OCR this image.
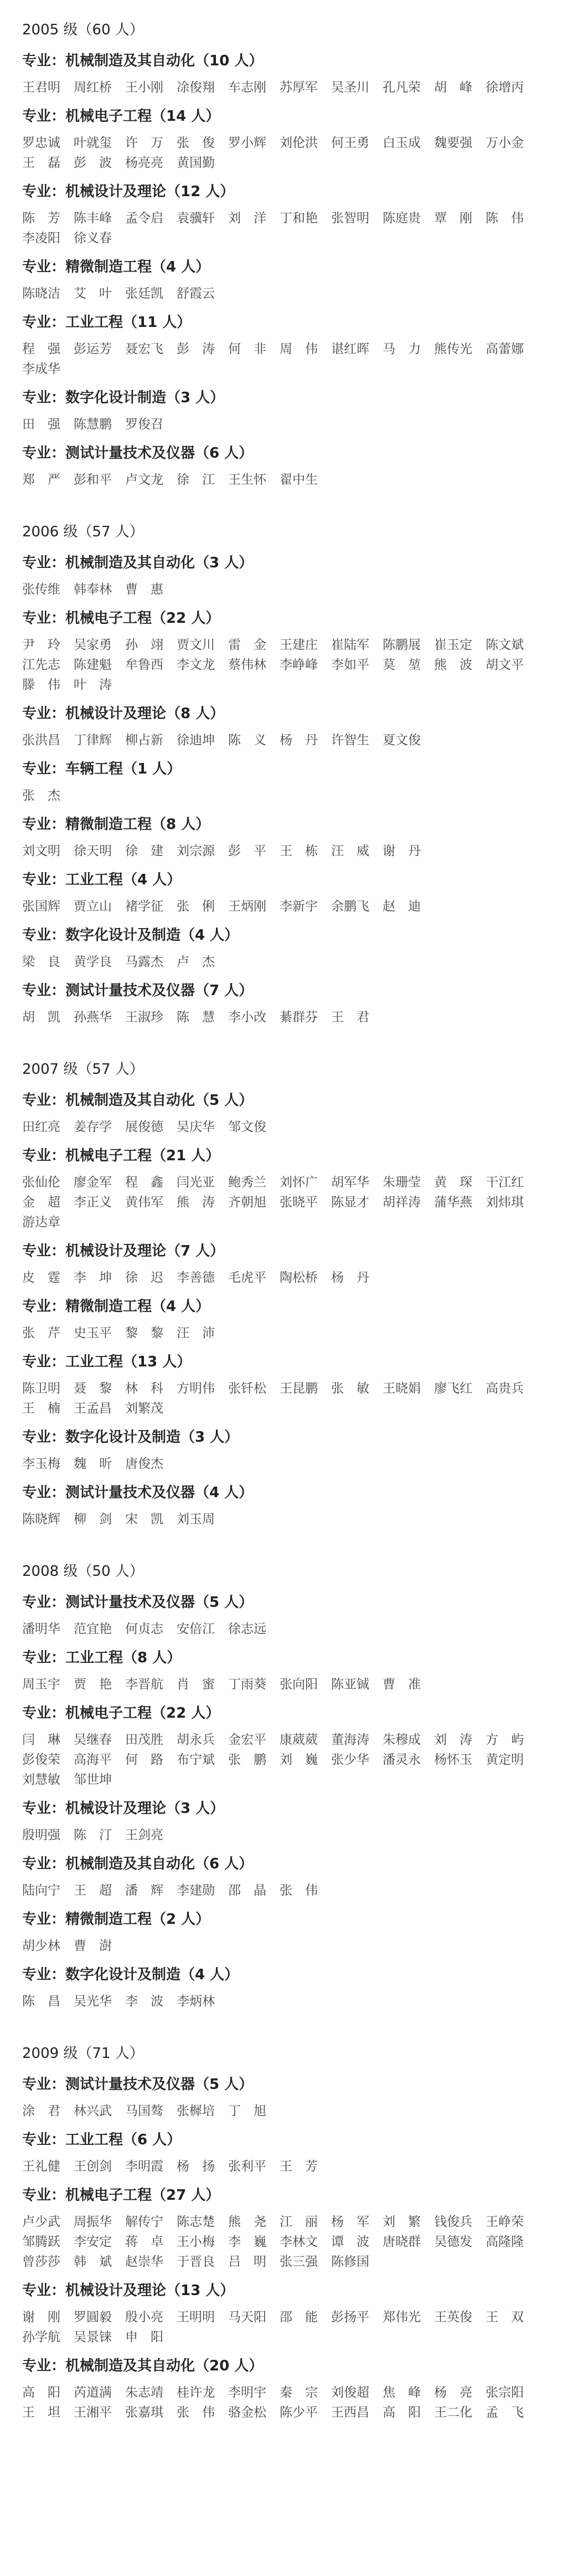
2005 级（60 人）
专业：机械制造及其自动化（10 人）
王君明 周红桥 王小刚 凃俊翔 车志刚 苏厚军 吴圣川 孔凡荣 胡　峰 徐增丙
专业：机械电子工程（14 人）
罗忠诚 叶就玺 许　万 张　俊 罗小辉 刘伦洪 何王勇 白玉成 魏要强 万小金
王　磊 彭　波 杨亮亮 黄国勤
专业：机械设计及理论（12 人）
陈　芳 陈丰峰 孟令启 袁骥轩 刘　洋 丁和艳 张智明 陈庭贵 覃　刚 陈　伟
李凌阳 徐义春
专业：精微制造工程（4 人）
陈晓洁 艾　叶 张廷凯 舒霞云
专业：工业工程（11 人）
程　强 彭运芳 聂宏飞 彭　涛 何　非 周　伟 谌红晖 马　力 熊传光 高蕾娜
李成华
专业：数字化设计制造（3 人）
田　强 陈慧鹏 罗俊召
专业：测试计量技术及仪器（6 人）
郑　严 彭和平 卢文龙 徐　江 王生怀 翟中生
2006 级（57 人）
专业：机械制造及其自动化（3 人）
张传维 韩奉林 曹　惠
专业：机械电子工程（22 人）
尹　玲 吴家勇 孙　翊 贾文川 雷　金 王建庄 崔陆军 陈鹏展 崔玉定 陈文斌
江先志 陈建魁 牟鲁西 李文龙 蔡伟林 李峥峰 李如平 莫　堃 熊　波 胡文平
滕　伟 叶　涛
专业：机械设计及理论（8 人）
张洪昌 丁律辉 柳占新 徐迪坤 陈　义 杨　丹 许智生 夏文俊
专业：车辆工程（1 人）
张　杰
专业：精微制造工程（8 人）
刘文明 徐天明 徐　建 刘宗源 彭　平 王　栋 汪　威 谢　丹
专业：工业工程（4 人）
张国辉 贾立山 褚学征 张　俐 王炳刚 李新宇 余鹏飞 赵　迪
专业：数字化设计及制造（4 人）
梁　良 黄学良 马露杰 卢　杰
专业：测试计量技术及仪器（7 人）
胡　凯 孙燕华 王淑珍 陈　慧 李小改 綦群芬 王　君
2007 级（57 人）
专业：机械制造及其自动化（5 人）
田红亮 姜存学 展俊德 吴庆华 邹文俊
专业：机械电子工程（21 人）
张仙伦 廖金军 程　鑫 闫光亚 鲍秀兰 刘怀广 胡军华 朱珊莹 黄　琛 干江红
金　超 李正义 黄伟军 熊　涛 齐朝旭 张晓平 陈显才 胡祥涛 蒲华燕 刘炜琪
游达章
专业：机械设计及理论（7 人）
皮　霆 李　坤 徐　迟 李善德 毛虎平 陶松桥 杨　丹
专业：精微制造工程（4 人）
张　芹 史玉平 黎　黎 汪　沛
专业：工业工程（13 人）
陈卫明 聂　黎 林　科 方明伟 张钎松 王昆鹏 张　敏 王晓娟 廖飞红 高贵兵
王　楠 王孟昌 刘繁茂
专业：数字化设计及制造（3 人）
李玉梅 魏　昕 唐俊杰
专业：测试计量技术及仪器（4 人）
陈晓辉 柳　剑 宋　凯 刘玉周
2008 级（50 人）
专业：测试计量技术及仪器（5 人）
潘明华 范宜艳 何贞志 安倍江 徐志远
专业：工业工程（8 人）
周玉宇 贾　艳 李晋航 肖　蜜 丁雨葵 张向阳 陈亚铖 曹　准
专业：机械电子工程（22 人）
闫　琳 吴继春 田茂胜 胡永兵 金宏平 康葳葳 董海涛 朱穆成 刘　涛 方　屿
彭俊荣 高海平 何　路 布宁斌 张　鹏 刘　巍 张少华 潘灵永 杨怀玉 黄定明
刘慧敏 邹世坤
专业：机械设计及理论（3 人）
殷明强 陈　汀 王剑亮
专业：机械制造及其自动化（6 人）
陆向宁 王　超 潘　辉 李建勋 邵　晶 张　伟
专业：精微制造工程（2 人）
胡少林 曹　澍
专业：数字化设计及制造（4 人）
陈　昌 吴光华 李　波 李炳林
2009 级（71 人）
专业：测试计量技术及仪器（5 人）
涂　君 林兴武 马国骜 张樨培 丁　旭
专业：工业工程（6 人）
王礼健 王创剑 李明霞 杨　扬 张利平 王　芳
专业：机械电子工程（27 人）
卢少武 周振华 解传宁 陈志楚 熊　尧 江　丽 杨　军 刘　繁 钱俊兵 王峥荣
邹腾跃 李安定 蒋　卓 王小梅 李　巍 李林文 谭　波 唐晓群 吴德发 高隆隆
曾莎莎 韩　斌 赵崇华 于晋良 吕　明 张三强 陈修国
专业：机械设计及理论（13 人）
谢　刚 罗圓毅 殷小亮 王明明 马天阳 邵　能 彭扬平 郑伟光 王英俊 王　双
孙学航 吴景铼 申　阳
专业：机械制造及其自动化（20 人）
高　阳 芮道满 朱志靖 桂许龙 李明宇 秦　宗 刘俊超 焦　峰 杨　亮 张宗阳
王　坦 王湘平 张嘉琪 张　伟 骆金松 陈少平 王西昌 高　阳 王二化 孟　飞
